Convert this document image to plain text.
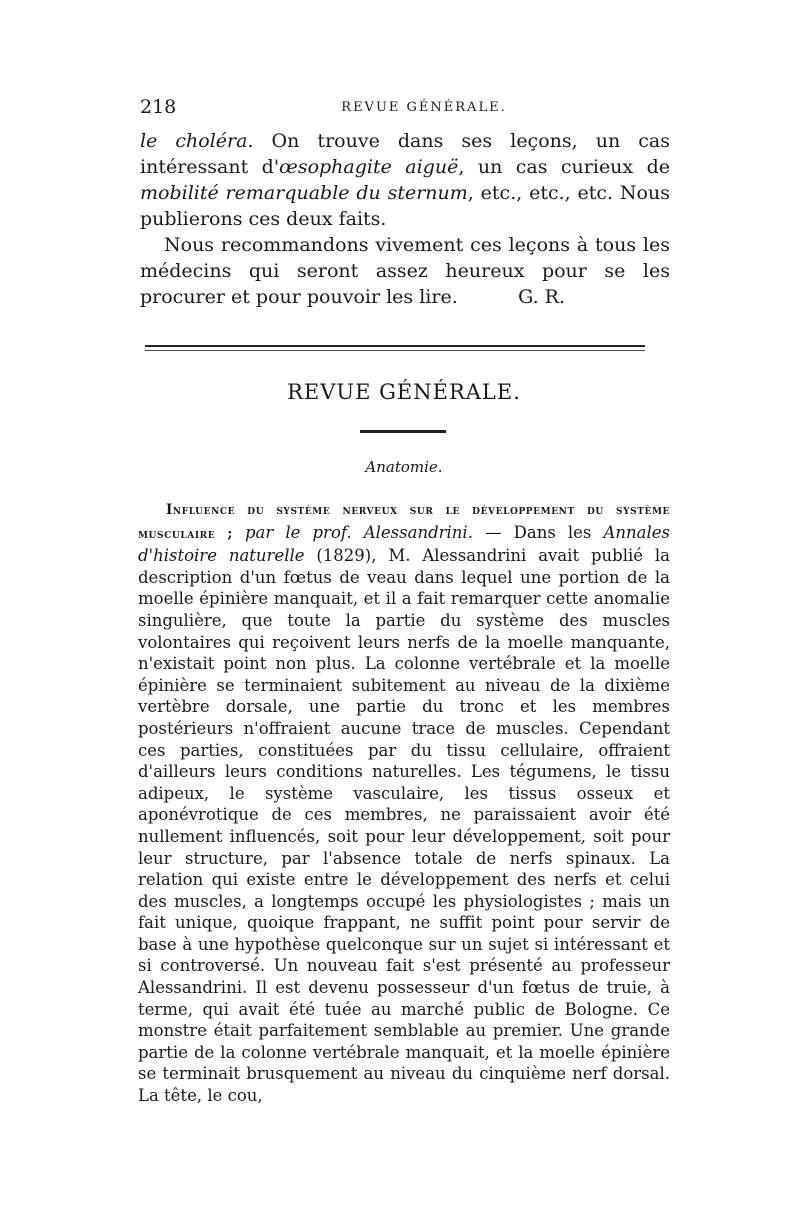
218	REVUE GÉNÉRALE.

le choléra. On trouve dans ses leçons, un cas intéressant d'œsophagite aiguë, un cas curieux de mobilité remarquable du sternum, etc., etc., etc. Nous publierons ces deux faits.

Nous recommandons vivement ces leçons à tous les médecins qui seront assez heureux pour se les procurer et pour pouvoir les lire.	G. R.

REVUE GÉNÉRALE.
Anatomie.

Influence du système nerveux sur le développement du système musculaire ; par le prof. Alessandrini. — Dans les Annales d'histoire naturelle (1829), M. Alessandrini avait publié la description d'un fœtus de veau dans lequel une portion de la moelle épinière manquait, et il a fait remarquer cette anomalie singulière, que toute la partie du système des muscles volontaires qui reçoivent leurs nerfs de la moelle manquante, n'existait point non plus. La colonne vertébrale et la moelle épinière se terminaient subitement au niveau de la dixième vertèbre dorsale, une partie du tronc et les membres postérieurs n'offraient aucune trace de muscles. Cependant ces parties, constituées par du tissu cellulaire, offraient d'ailleurs leurs conditions naturelles. Les tégumens, le tissu adipeux, le système vasculaire, les tissus osseux et aponévrotique de ces membres, ne paraissaient avoir été nullement influencés, soit pour leur développement, soit pour leur structure, par l'absence totale de nerfs spinaux. La relation qui existe entre le développement des nerfs et celui des muscles, a longtemps occupé les physiologistes ; mais un fait unique, quoique frappant, ne suffit point pour servir de base à une hypothèse quelconque sur un sujet si intéressant et si controversé. Un nouveau fait s'est présenté au professeur Alessandrini. Il est devenu possesseur d'un fœtus de truie, à terme, qui avait été tuée au marché public de Bologne. Ce monstre était parfaitement semblable au premier. Une grande partie de la colonne vertébrale manquait, et la moelle épinière se terminait brusquement au niveau du cinquième nerf dorsal. La tête, le cou,
